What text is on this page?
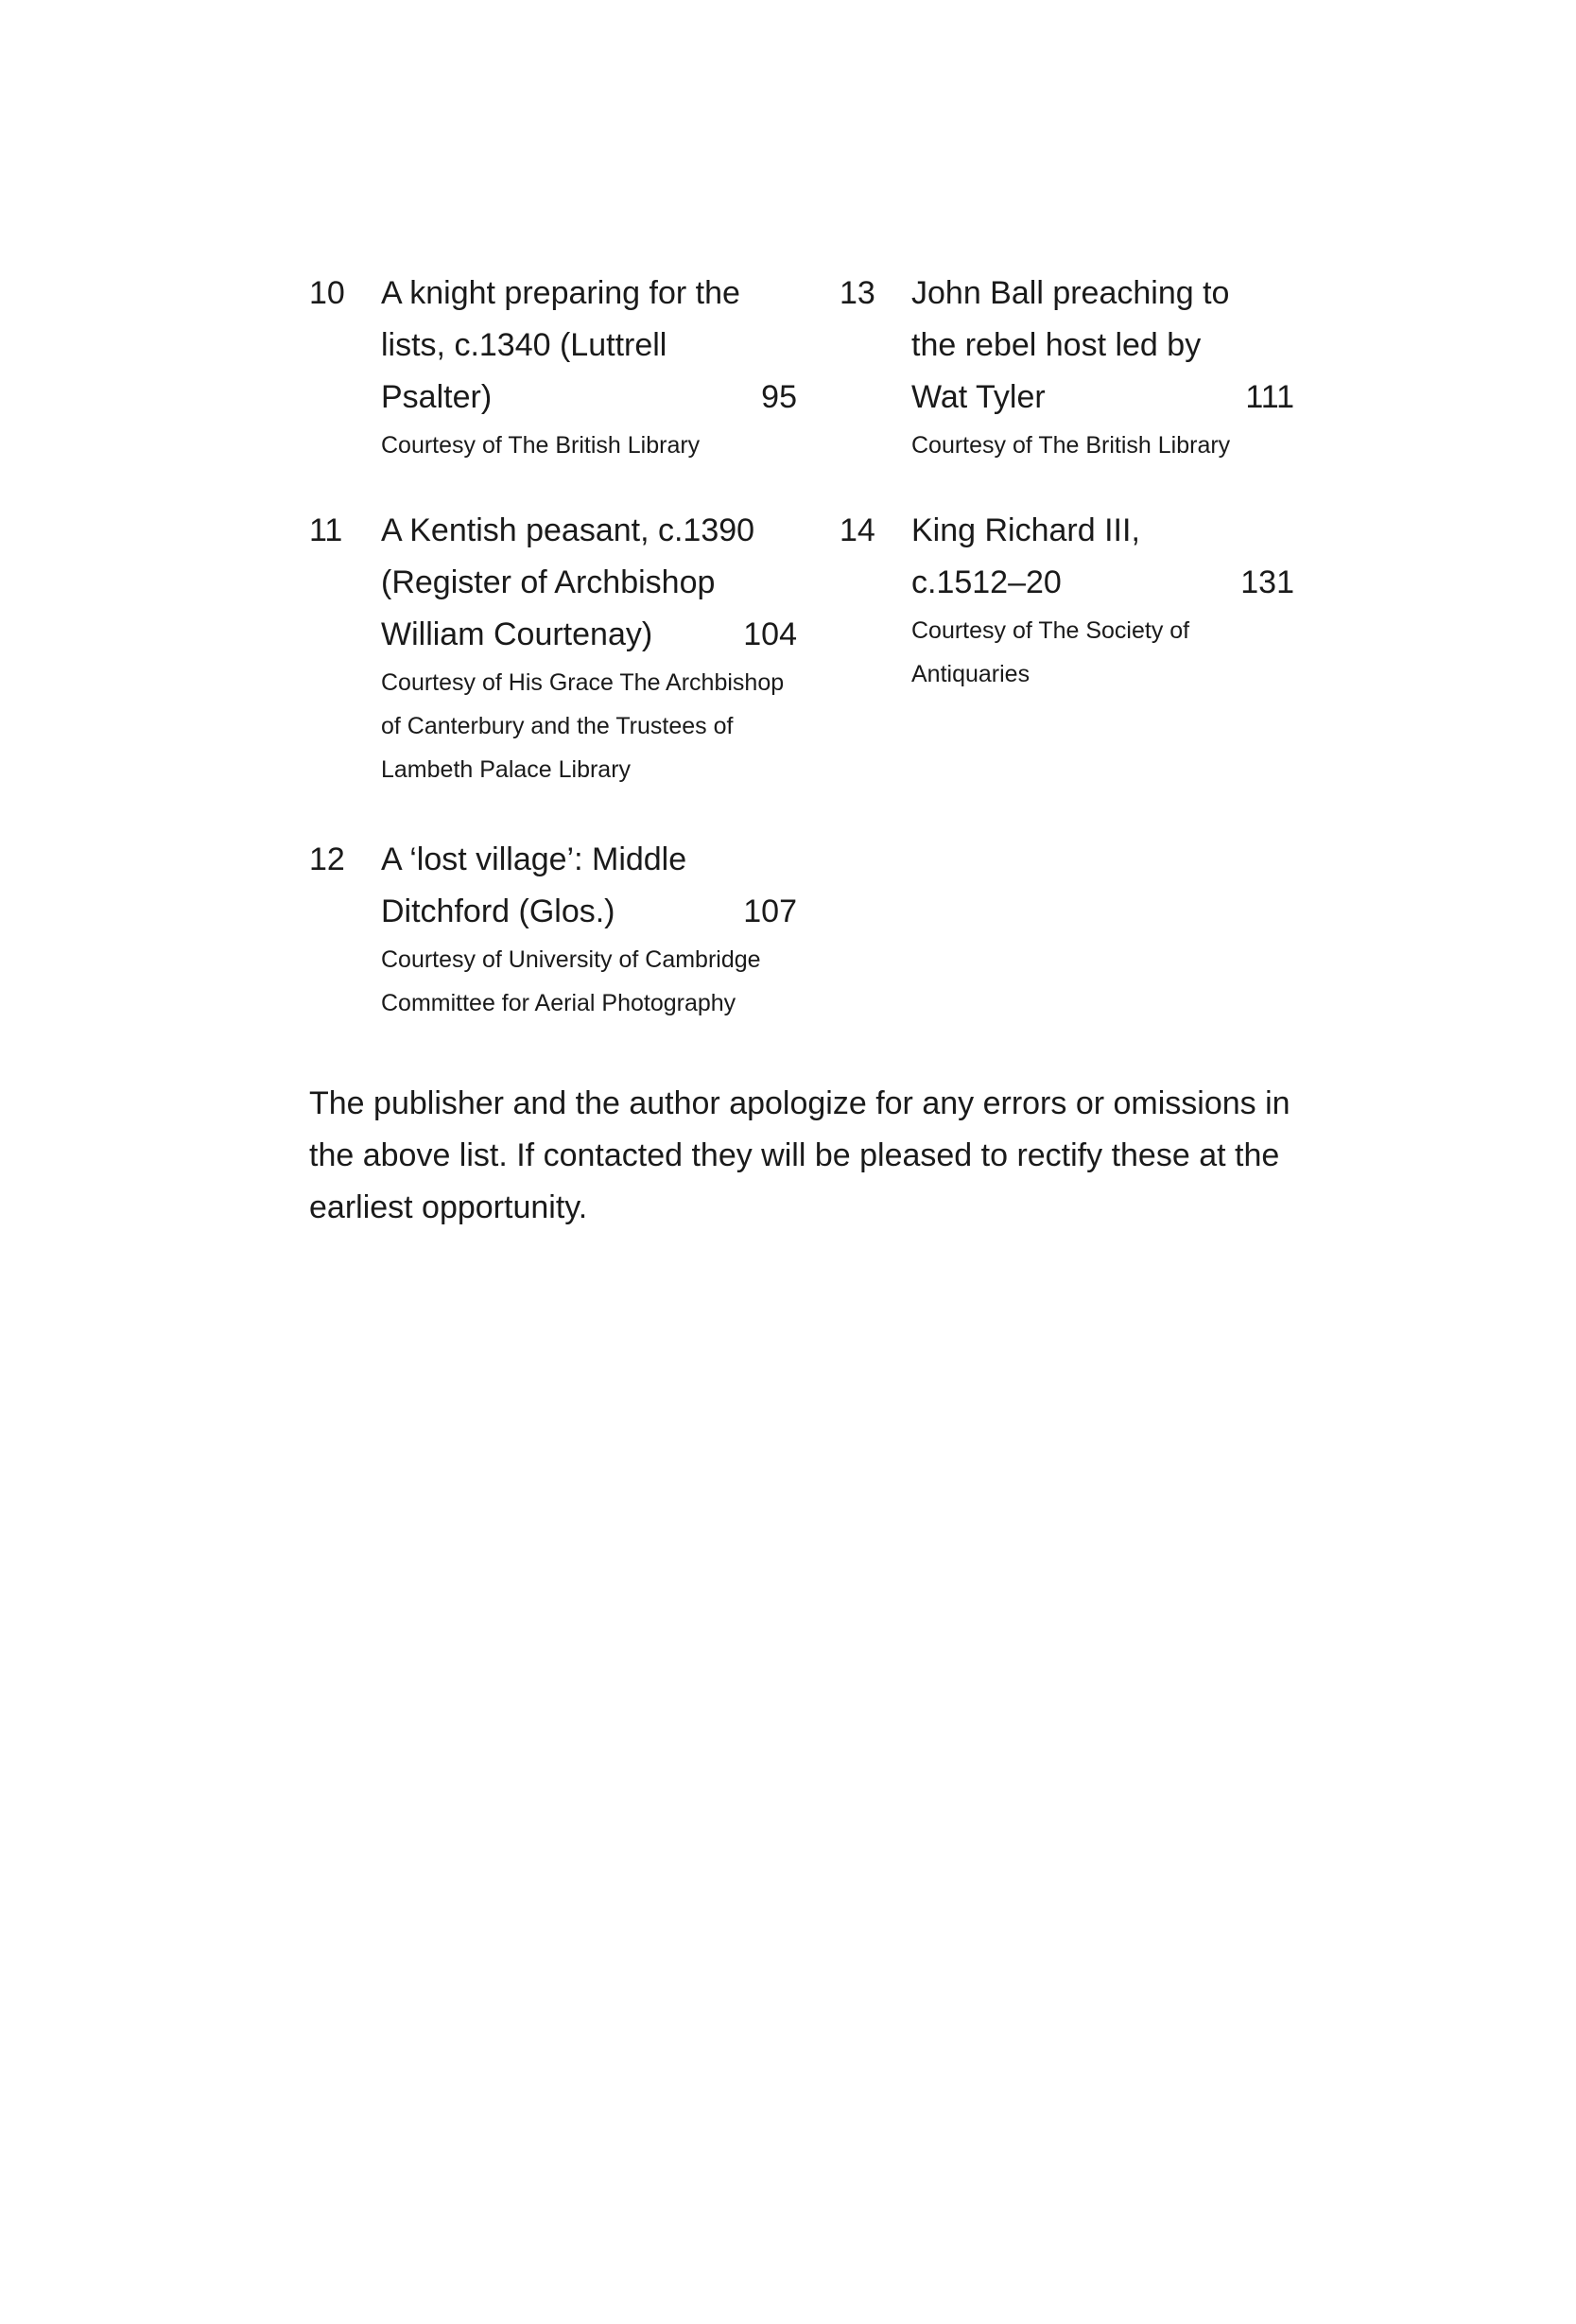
10 A knight preparing for the
lists, c.1340 (Luttrell
Psalter)	95
Courtesy of The British Library
11 A Kentish peasant, c.1390
(Register of Archbishop
William Courtenay)	104
Courtesy of His Grace The Archbishop
of Canterbury and the Trustees of
Lambeth Palace Library
12 A ‘lost village’: Middle
Ditchford (Glos.)	107
Courtesy of University of Cambridge
Committee for Aerial Photography
13 John Ball preaching to
the rebel host led by
Wat Tyler	111
Courtesy of The British Library
14 King Richard III,
c.1512–20	131
Courtesy of The Society of
Antiquaries
The publisher and the author apologize for any errors or omissions in
the above list. If contacted they will be pleased to rectify these at the
earliest opportunity.
